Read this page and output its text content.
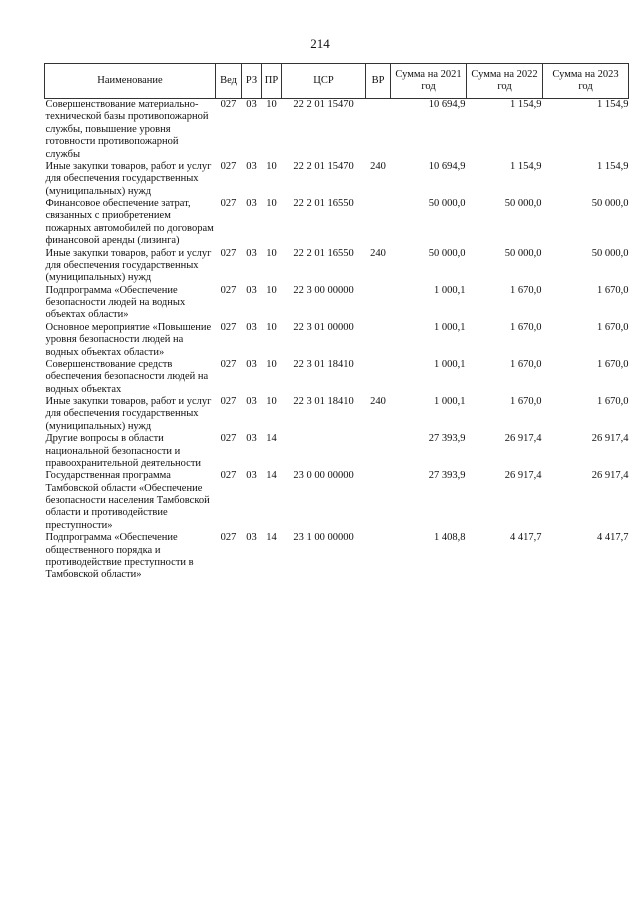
214
Наименование	Вед	РЗ	ПР	ЦСР	ВР	Сумма на 2021 год	Сумма на 2022 год	Сумма на 2023 год
Совершенствование материально-технической базы противопожарной службы, повышение уровня готовности противопожарной службы	027	03	10	22 2 01 15470		10 694,9	1 154,9	1 154,9
Иные закупки товаров, работ и услуг для обеспечения государственных (муниципальных) нужд	027	03	10	22 2 01 15470	240	10 694,9	1 154,9	1 154,9
Финансовое обеспечение затрат, связанных с приобретением пожарных автомобилей по договорам финансовой аренды (лизинга)	027	03	10	22 2 01 16550		50 000,0	50 000,0	50 000,0
Иные закупки товаров, работ и услуг для обеспечения государственных (муниципальных) нужд	027	03	10	22 2 01 16550	240	50 000,0	50 000,0	50 000,0
Подпрограмма «Обеспечение безопасности людей на водных объектах области»	027	03	10	22 3 00 00000		1 000,1	1 670,0	1 670,0
Основное мероприятие «Повышение уровня безопасности людей на водных объектах области»	027	03	10	22 3 01 00000		1 000,1	1 670,0	1 670,0
Совершенствование средств обеспечения безопасности людей на водных объектах	027	03	10	22 3 01 18410		1 000,1	1 670,0	1 670,0
Иные закупки товаров, работ и услуг для обеспечения государственных (муниципальных) нужд	027	03	10	22 3 01 18410	240	1 000,1	1 670,0	1 670,0
Другие вопросы в области национальной безопасности и правоохранительной деятельности	027	03	14			27 393,9	26 917,4	26 917,4
Государственная программа Тамбовской области «Обеспечение безопасности населения Тамбовской области и противодействие преступности»	027	03	14	23 0 00 00000		27 393,9	26 917,4	26 917,4
Подпрограмма «Обеспечение общественного порядка и противодействие преступности в Тамбовской области»	027	03	14	23 1 00 00000		1 408,8	4 417,7	4 417,7
